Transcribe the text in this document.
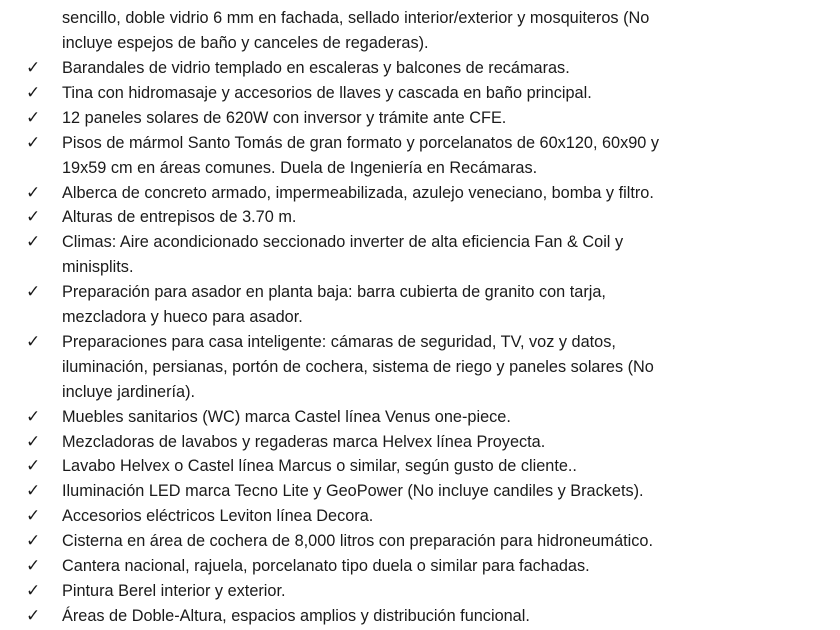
sencillo, doble vidrio 6 mm en fachada, sellado interior/exterior y mosquiteros (No
incluye espejos de baño y canceles de regaderas).
✓ Barandales de vidrio templado en escaleras y balcones de recámaras.
✓ Tina con hidromasaje y accesorios de llaves y cascada en baño principal.
✓ 12 paneles solares de 620W con inversor y trámite ante CFE.
✓ Pisos de mármol Santo Tomás de gran formato y porcelanatos de 60x120, 60x90 y
19x59 cm en áreas comunes. Duela de Ingeniería en Recámaras.
✓ Alberca de concreto armado, impermeabilizada, azulejo veneciano, bomba y filtro.
✓ Alturas de entrepisos de 3.70 m.
✓ Climas: Aire acondicionado seccionado inverter de alta eficiencia Fan & Coil y
minisplits.
✓ Preparación para asador en planta baja: barra cubierta de granito con tarja,
mezcladora y hueco para asador.
✓ Preparaciones para casa inteligente: cámaras de seguridad, TV, voz y datos,
iluminación, persianas, portón de cochera, sistema de riego y paneles solares (No
incluye jardinería).
✓ Muebles sanitarios (WC) marca Castel línea Venus one-piece.
✓ Mezcladoras de lavabos y regaderas marca Helvex línea Proyecta.
✓ Lavabo Helvex o Castel línea Marcus o similar, según gusto de cliente..
✓ Iluminación LED marca Tecno Lite y GeoPower (No incluye candiles y Brackets).
✓ Accesorios eléctricos Leviton línea Decora.
✓ Cisterna en área de cochera de 8,000 litros con preparación para hidroneumático.
✓ Cantera nacional, rajuela, porcelanato tipo duela o similar para fachadas.
✓ Pintura Berel interior y exterior.
✓ Áreas de Doble-Altura, espacios amplios y distribución funcional.
